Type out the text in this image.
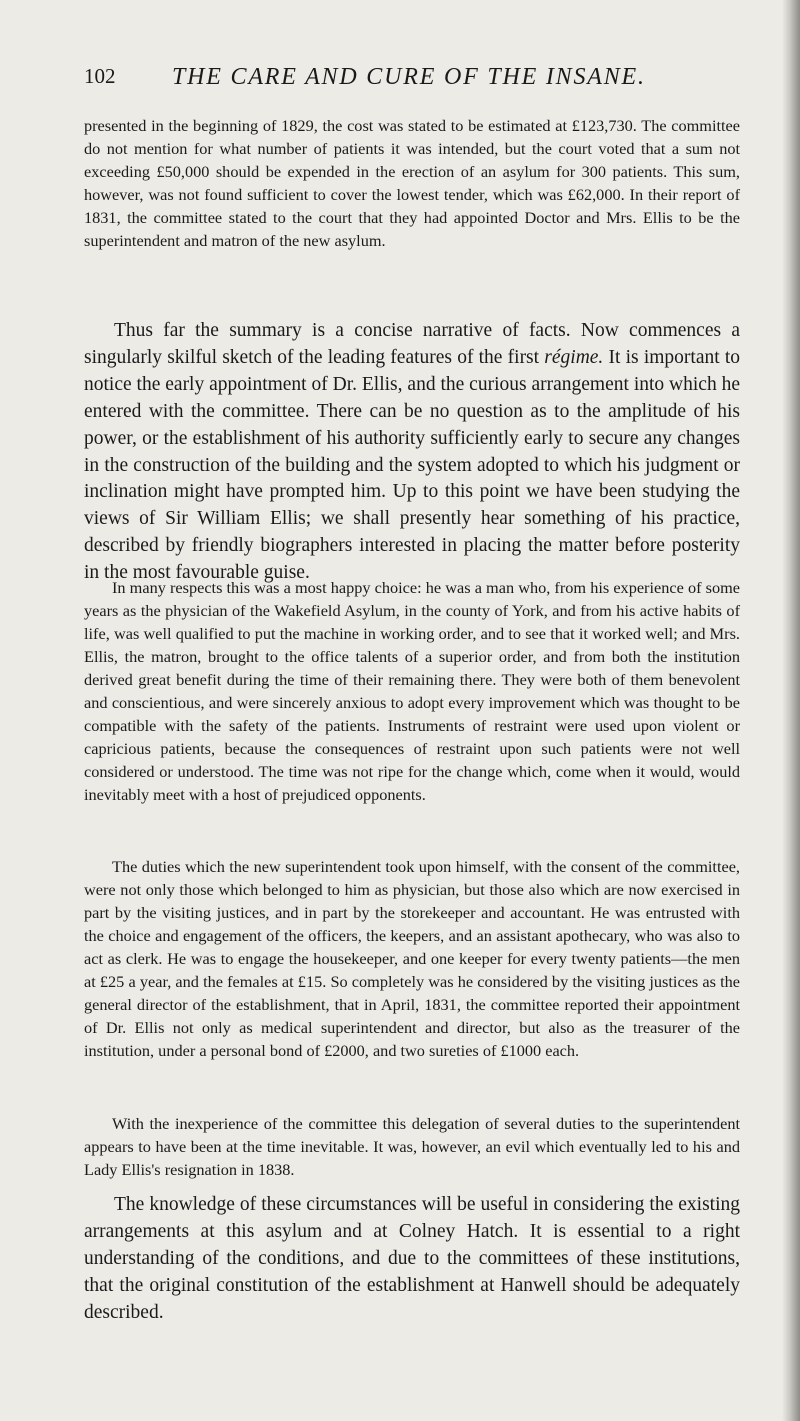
102 THE CARE AND CURE OF THE INSANE.

presented in the beginning of 1829, the cost was stated to be estimated at £123,730. The committee do not mention for what number of patients it was intended, but the court voted that a sum not exceeding £50,000 should be expended in the erection of an asylum for 300 patients. This sum, however, was not found sufficient to cover the lowest tender, which was £62,000. In their report of 1831, the committee stated to the court that they had appointed Doctor and Mrs. Ellis to be the superintendent and matron of the new asylum.

Thus far the summary is a concise narrative of facts. Now commences a singularly skilful sketch of the leading features of the first régime. It is important to notice the early appointment of Dr. Ellis, and the curious arrangement into which he entered with the committee. There can be no question as to the amplitude of his power, or the establishment of his authority sufficiently early to secure any changes in the construction of the building and the system adopted to which his judgment or inclination might have prompted him. Up to this point we have been studying the views of Sir William Ellis; we shall presently hear something of his practice, described by friendly biographers interested in placing the matter before posterity in the most favourable guise.

In many respects this was a most happy choice: he was a man who, from his experience of some years as the physician of the Wakefield Asylum, in the county of York, and from his active habits of life, was well qualified to put the machine in working order, and to see that it worked well; and Mrs. Ellis, the matron, brought to the office talents of a superior order, and from both the institution derived great benefit during the time of their remaining there. They were both of them benevolent and conscientious, and were sincerely anxious to adopt every improvement which was thought to be compatible with the safety of the patients. Instruments of restraint were used upon violent or capricious patients, because the consequences of restraint upon such patients were not well considered or understood. The time was not ripe for the change which, come when it would, would inevitably meet with a host of prejudiced opponents.

The duties which the new superintendent took upon himself, with the consent of the committee, were not only those which belonged to him as physician, but those also which are now exercised in part by the visiting justices, and in part by the storekeeper and accountant. He was entrusted with the choice and engagement of the officers, the keepers, and an assistant apothecary, who was also to act as clerk. He was to engage the housekeeper, and one keeper for every twenty patients—the men at £25 a year, and the females at £15. So completely was he considered by the visiting justices as the general director of the establishment, that in April, 1831, the committee reported their appointment of Dr. Ellis not only as medical superintendent and director, but also as the treasurer of the institution, under a personal bond of £2000, and two sureties of £1000 each.

With the inexperience of the committee this delegation of several duties to the superintendent appears to have been at the time inevitable. It was, however, an evil which eventually led to his and Lady Ellis's resignation in 1838.

The knowledge of these circumstances will be useful in considering the existing arrangements at this asylum and at Colney Hatch. It is essential to a right understanding of the conditions, and due to the committees of these institutions, that the original constitution of the establishment at Hanwell should be adequately described.
